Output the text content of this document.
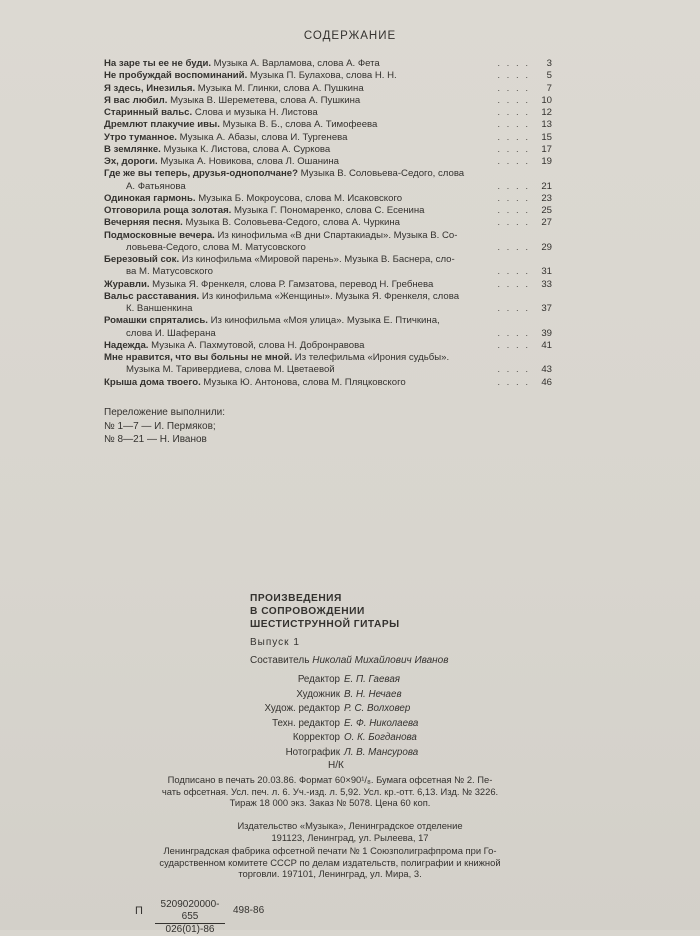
СОДЕРЖАНИЕ
На заре ты ее не буди. Музыка А. Варламова, слова А. Фета	. . . . 3
Не пробуждай воспоминаний. Музыка П. Булахова, слова Н. Н.	. . . . 5
Я здесь, Инезилья. Музыка М. Глинки, слова А. Пушкина	. . . . 7
Я вас любил. Музыка В. Шереметева, слова А. Пушкина	. . . . 10
Старинный вальс. Слова и музыка Н. Листова	. . . . 12
Дремлют плакучие ивы. Музыка В. Б., слова А. Тимофеева	. . . . 13
Утро туманное. Музыка А. Абазы, слова И. Тургенева	. . . . 15
В землянке. Музыка К. Листова, слова А. Суркова	. . . . 17
Эх, дороги. Музыка А. Новикова, слова Л. Ошанина	. . . . 19
Где же вы теперь, друзья-однополчане? Музыка В. Соловьева-Седого, слова
А. Фатьянова	. . . . 21
Одинокая гармонь. Музыка Б. Мокроусова, слова М. Исаковского	. . . . 23
Отговорила роща золотая. Музыка Г. Пономаренко, слова С. Есенина	. . . . 25
Вечерняя песня. Музыка В. Соловьева-Седого, слова А. Чуркина	. . . . 27
Подмосковные вечера. Из кинофильма «В дни Спартакиады». Музыка В. Со-
ловьева-Седого, слова М. Матусовского	. . . . 29
Березовый сок. Из кинофильма «Мировой парень». Музыка В. Баснера, сло-
ва М. Матусовского	. . . . 31
Журавли. Музыка Я. Френкеля, слова Р. Гамзатова, перевод Н. Гребнева	. . . . 33
Вальс расставания. Из кинофильма «Женщины». Музыка Я. Френкеля, слова
К. Ваншенкина	. . . . 37
Ромашки спрятались. Из кинофильма «Моя улица». Музыка Е. Птичкина,
слова И. Шаферана	. . . . 39
Надежда. Музыка А. Пахмутовой, слова Н. Добронравова	. . . . 41
Мне нравится, что вы больны не мной. Из телефильма «Ирония судьбы».
Музыка М. Таривердиева, слова М. Цветаевой	. . . . 43
Крыша дома твоего. Музыка Ю. Антонова, слова М. Пляцковского	. . . . 46
Переложение выполнили:
№ 1—7 — И. Пермяков;
№ 8—21 — Н. Иванов
ПРОИЗВЕДЕНИЯ
В СОПРОВОЖДЕНИИ
ШЕСТИСТРУННОЙ ГИТАРЫ
Выпуск 1
Составитель Николай Михайлович Иванов
Редактор Е. П. Гаевая
Художник В. Н. Нечаев
Худож. редактор Р. С. Волховер
Техн. редактор Е. Ф. Николаева
Корректор О. К. Богданова
Нотографик Л. В. Мансурова
Н/К
Подписано в печать 20.03.86. Формат 60×90¹/₈. Бумага офсетная № 2. Пе-
чать офсетная. Усл. печ. л. 6. Уч.-изд. л. 5,92. Усл. кр.-отт. 6,13. Изд. № 3226.
Тираж 18 000 экз. Заказ № 5078. Цена 60 коп.
Издательство «Музыка», Ленинградское отделение
191123, Ленинград, ул. Рылеева, 17
Ленинградская фабрика офсетной печати № 1 Союзполиграфпрома при Го-
сударственном комитете СССР по делам издательств, полиграфии и книжной
торговли. 197101, Ленинград, ул. Мира, 3.
П $\frac{5209020000-655}{026(01)-86} 498-86$
